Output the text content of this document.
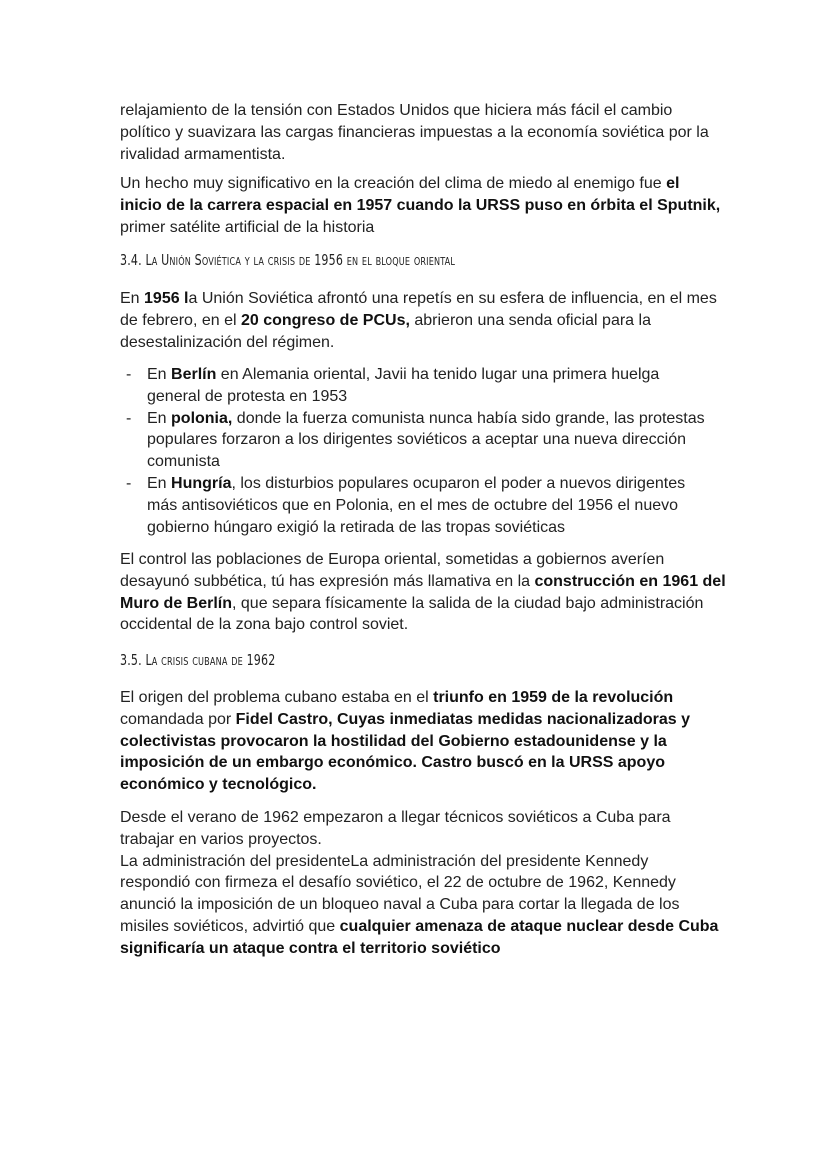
relajamiento de la tensión con Estados Unidos que hiciera más fácil el cambio
político y suavizara las cargas financieras impuestas a la economía soviética por la
rivalidad armamentista.
Un hecho muy significativo en la creación del clima de miedo al enemigo fue el
inicio de la carrera espacial en 1957 cuando la URSS puso en órbita el Sputnik,
primer satélite artificial de la historia
3.4. La Unión Soviética y la crisis de 1956 en el bloque oriental
En 1956 la Unión Soviética afrontó una repetís en su esfera de influencia, en el mes
de febrero, en el 20 congreso de PCUs, abrieron una senda oficial para la
desestalinización del régimen.
- En Berlín en Alemania oriental, Javii ha tenido lugar una primera huelga
general de protesta en 1953
- En polonia, donde la fuerza comunista nunca había sido grande, las protestas
populares forzaron a los dirigentes soviéticos a aceptar una nueva dirección
comunista
- En Hungría, los disturbios populares ocuparon el poder a nuevos dirigentes
más antisoviéticos que en Polonia, en el mes de octubre del 1956 el nuevo
gobierno húngaro exigió la retirada de las tropas soviéticas
El control las poblaciones de Europa oriental, sometidas a gobiernos averíen
desayunó subbética, tú has expresión más llamativa en la construcción en 1961 del
Muro de Berlín, que separa físicamente la salida de la ciudad bajo administración
occidental de la zona bajo control soviet.
3.5. La crisis cubana de 1962
El origen del problema cubano estaba en el triunfo en 1959 de la revolución
comandada por Fidel Castro, Cuyas inmediatas medidas nacionalizadoras y
colectivistas provocaron la hostilidad del Gobierno estadounidense y la
imposición de un embargo económico. Castro buscó en la URSS apoyo
económico y tecnológico.
Desde el verano de 1962 empezaron a llegar técnicos soviéticos a Cuba para
trabajar en varios proyectos.
La administración del presidenteLa administración del presidente Kennedy
respondió con firmeza el desafío soviético, el 22 de octubre de 1962, Kennedy
anunció la imposición de un bloqueo naval a Cuba para cortar la llegada de los
misiles soviéticos, advirtió que cualquier amenaza de ataque nuclear desde Cuba
significaría un ataque contra el territorio soviético
